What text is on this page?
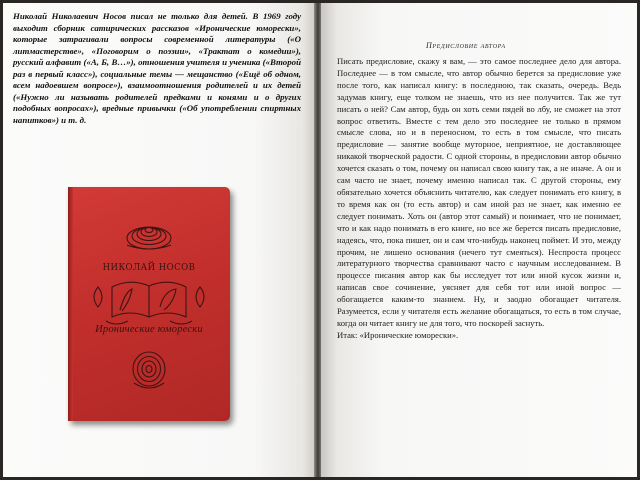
Николай Николаевич Носов писал не только для детей. В 1969 году выходит сборник сатирических рассказов «Иронические юморески», которые затрагивали вопросы современной литературы («О литмастерстве», «Поговорим о поэзии», «Трактат о комедии»), русский алфавит («А, Б, В…»), отношения учителя и ученика («Второй раз в первый класс»), социальные темы — мещанство («Ещё об одном, всем надоевшем вопросе»), взаимоотношения родителей и их детей («Нужно ли называть родителей предками и конями и о других подобных вопросах»), вредные привычки («Об употреблении спиртных напитков») и т. д.

НИКОЛАЙ НОСОВ
Иронические юморески
Предисловие автора

Писать предисловие, скажу я вам, — это самое последнее дело для автора. Последнее — в том смысле, что автор обычно берется за предисловие уже после того, как написал книгу: в последнюю, так сказать, очередь. Ведь задумав книгу, еще толком не знаешь, что из нее получится. Так же тут писать о ней? Сам автор, будь он хоть семи пядей во лбу, не сможет на этот вопрос ответить. Вместе с тем дело это последнее не только в прямом смысле слова, но и в переносном, то есть в том смысле, что писать предисловие — занятие вообще муторное, неприятное, не доставляющее никакой творческой радости. С одной стороны, в предисловии автор обычно хочется сказать о том, почему он написал свою книгу так, а не иначе. А он и сам часто не знает, почему именно написал так. С другой стороны, ему обязательно хочется объяснить читателю, как следует понимать его книгу, в то время как он (то есть автор) и сам иной раз не знает, как именно ее следует понимать. Хоть он (автор этот самый) и понимает, что не понимает, что и как надо понимать в его книге, но все же берется писать предисловие, надеясь, что, пока пишет, он и сам что-нибудь наконец поймет. И это, между прочим, не лишено основания (нечего тут смеяться). Неспроста процесс литературного творчества сравнивают часто с научным исследованием. В процессе писания автор как бы исследует тот или иной кусок жизни и, написав свое сочинение, уясняет для себя тот или иной вопрос — обогащается каким-то знанием. Ну, и заодно обогащает читателя. Разумеется, если у читателя есть желание обогащаться, то есть в том случае, когда он читает книгу не для того, что поскорей заснуть.

Итак: «Иронические юморески».
